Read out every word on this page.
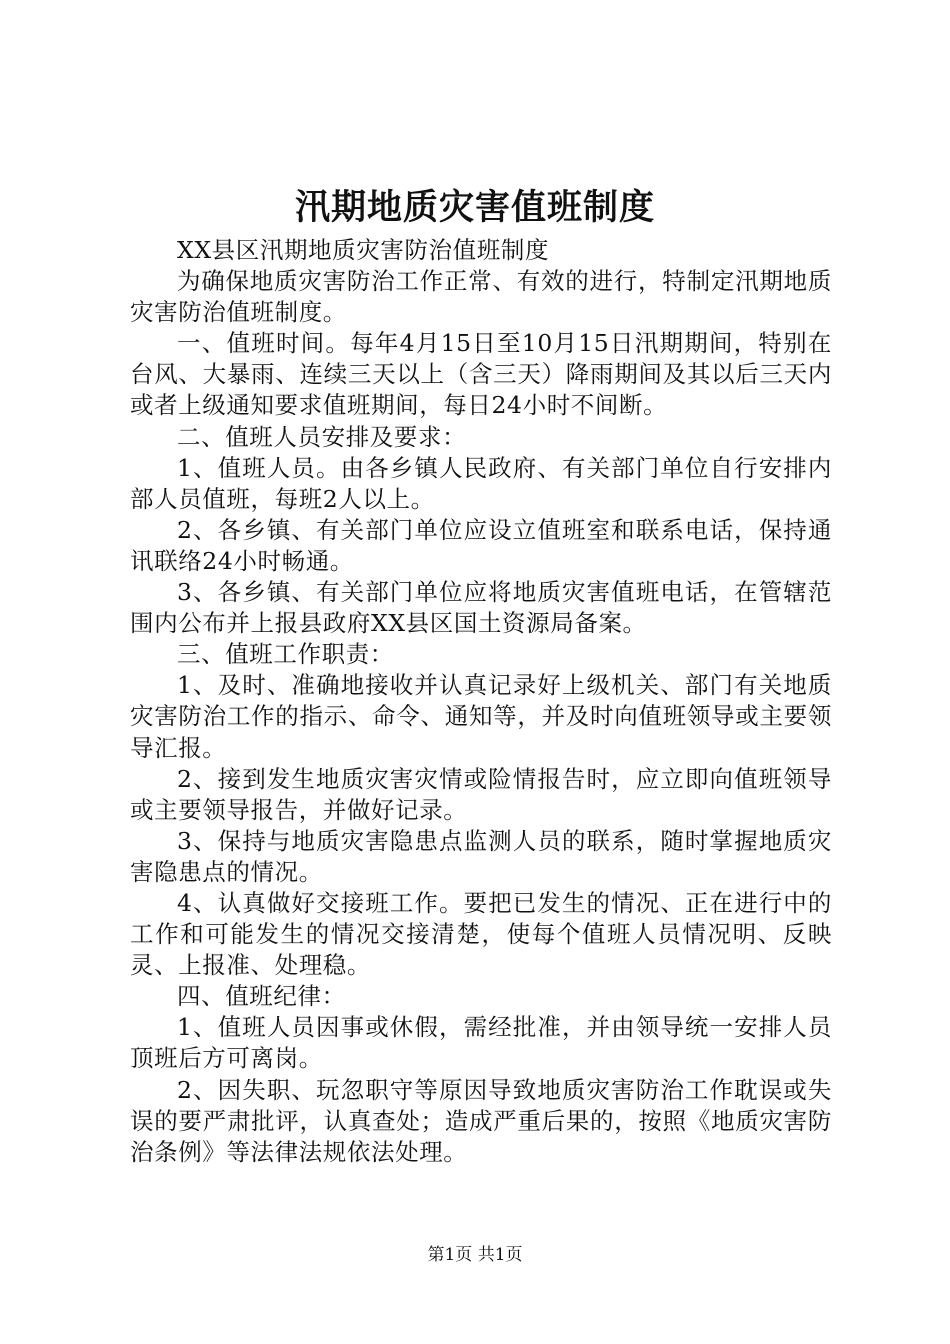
汛期地质灾害值班制度

XX县区汛期地质灾害防治值班制度

为确保地质灾害防治工作正常、有效的进行，特制定汛期地质灾害防治值班制度。

一、值班时间。每年4月15日至10月15日汛期期间，特别在台风、大暴雨、连续三天以上（含三天）降雨期间及其以后三天内或者上级通知要求值班期间，每日24小时不间断。

二、值班人员安排及要求：

1、值班人员。由各乡镇人民政府、有关部门单位自行安排内部人员值班，每班2人以上。

2、各乡镇、有关部门单位应设立值班室和联系电话，保持通讯联络24小时畅通。

3、各乡镇、有关部门单位应将地质灾害值班电话，在管辖范围内公布并上报县政府XX县区国土资源局备案。

三、值班工作职责：

1、及时、准确地接收并认真记录好上级机关、部门有关地质灾害防治工作的指示、命令、通知等，并及时向值班领导或主要领导汇报。

2、接到发生地质灾害灾情或险情报告时，应立即向值班领导或主要领导报告，并做好记录。

3、保持与地质灾害隐患点监测人员的联系，随时掌握地质灾害隐患点的情况。

4、认真做好交接班工作。要把已发生的情况、正在进行中的工作和可能发生的情况交接清楚，使每个值班人员情况明、反映灵、上报准、处理稳。

四、值班纪律：

1、值班人员因事或休假，需经批准，并由领导统一安排人员顶班后方可离岗。

2、因失职、玩忽职守等原因导致地质灾害防治工作耽误或失误的要严肃批评，认真查处；造成严重后果的，按照《地质灾害防治条例》等法律法规依法处理。

第1页 共1页
